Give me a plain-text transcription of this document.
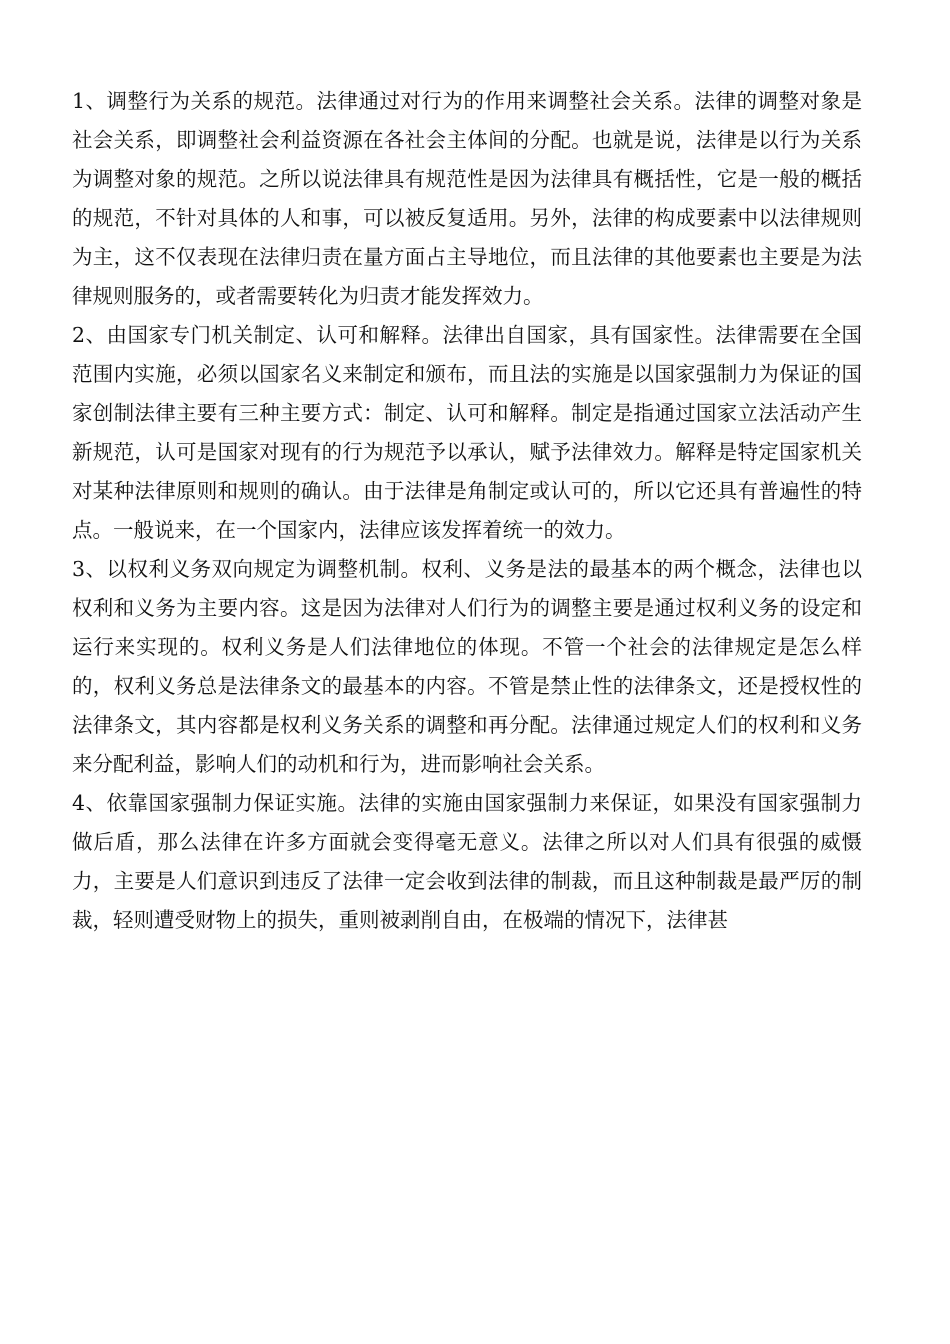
1、调整行为关系的规范。法律通过对行为的作用来调整社会关系。法律的调整对象是社会关系，即调整社会利益资源在各社会主体间的分配。也就是说，法律是以行为关系为调整对象的规范。之所以说法律具有规范性是因为法律具有概括性，它是一般的概括的规范，不针对具体的人和事，可以被反复适用。另外，法律的构成要素中以法律规则为主，这不仅表现在法律归责在量方面占主导地位，而且法律的其他要素也主要是为法律规则服务的，或者需要转化为归责才能发挥效力。

2、由国家专门机关制定、认可和解释。法律出自国家，具有国家性。法律需要在全国范围内实施，必须以国家名义来制定和颁布，而且法的实施是以国家强制力为保证的国家创制法律主要有三种主要方式：制定、认可和解释。制定是指通过国家立法活动产生新规范，认可是国家对现有的行为规范予以承认，赋予法律效力。解释是特定国家机关对某种法律原则和规则的确认。由于法律是角制定或认可的，所以它还具有普遍性的特点。一般说来，在一个国家内，法律应该发挥着统一的效力。

3、以权利义务双向规定为调整机制。权利、义务是法的最基本的两个概念，法律也以权利和义务为主要内容。这是因为法律对人们行为的调整主要是通过权利义务的设定和运行来实现的。权利义务是人们法律地位的体现。不管一个社会的法律规定是怎么样的，权利义务总是法律条文的最基本的内容。不管是禁止性的法律条文，还是授权性的法律条文，其内容都是权利义务关系的调整和再分配。法律通过规定人们的权利和义务来分配利益，影响人们的动机和行为，进而影响社会关系。

4、依靠国家强制力保证实施。法律的实施由国家强制力来保证，如果没有国家强制力做后盾，那么法律在许多方面就会变得毫无意义。法律之所以对人们具有很强的威慑力，主要是人们意识到违反了法律一定会收到法律的制裁，而且这种制裁是最严厉的制裁，轻则遭受财物上的损失，重则被剥削自由，在极端的情况下，法律甚
